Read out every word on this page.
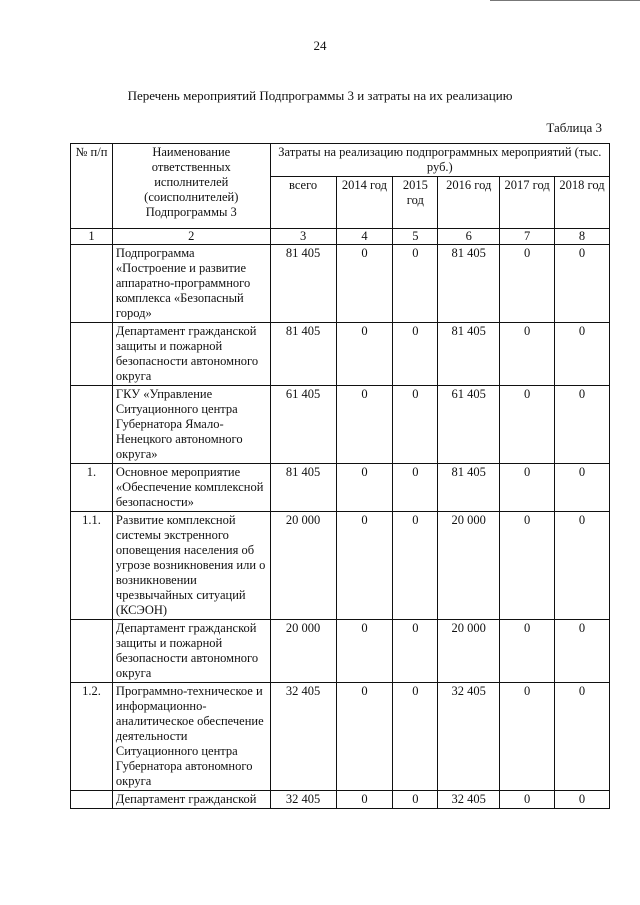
24
Перечень мероприятий Подпрограммы 3 и затраты на их реализацию
Таблица 3
№ п/п	Наименование ответственных исполнителей (соисполнителей) Подпрограммы 3	Затраты на реализацию подпрограммных мероприятий (тыс. руб.)					
		всего	2014 год	2015 год	2016 год	2017 год	2018 год
1	2	3	4	5	6	7	8
	Подпрограмма «Построение и развитие аппаратно-программного комплекса «Безопасный город»	81 405	0	0	81 405	0	0
	Департамент гражданской защиты и пожарной безопасности автономного округа	81 405	0	0	81 405	0	0
	ГКУ «Управление Ситуационного центра Губернатора Ямало-Ненецкого автономного округа»	61 405	0	0	61 405	0	0
1.	Основное мероприятие «Обеспечение комплексной безопасности»	81 405	0	0	81 405	0	0
1.1.	Развитие комплексной системы экстренного оповещения населения об угрозе возникновения или о возникновении чрезвычайных ситуаций (КСЭОН)	20 000	0	0	20 000	0	0
	Департамент гражданской защиты и пожарной безопасности автономного округа	20 000	0	0	20 000	0	0
1.2.	Программно-техническое и информационно-аналитическое обеспечение деятельности Ситуационного центра Губернатора автономного округа	32 405	0	0	32 405	0	0
	Департамент гражданской	32 405	0	0	32 405	0	0
